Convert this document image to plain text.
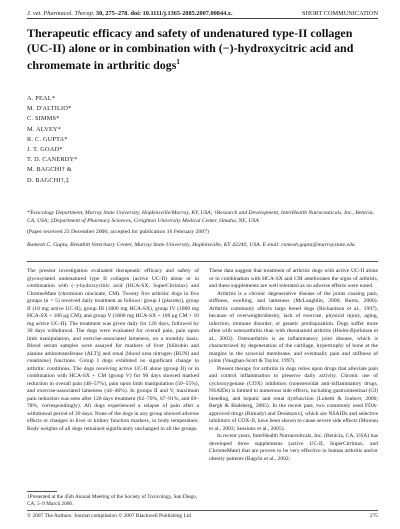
J. vet. Pharmacol. Therap. 30, 275–278. doi: 10.1111/j.1365-2885.2007.00844.x.	SHORT COMMUNICATION
Therapeutic efficacy and safety of undenatured type-II collagen (UC-II) alone or in combination with (−)-hydroxycitric acid and chromemate in arthritic dogs$^1$
A. PEAL*
M. D'ALTILIO*
C. SIMMS*
M. ALVEY*
R. C. GUPTA*
J. T. GOAD*
T. D. CANERDY*
M. BAGCHI† &
D. BAGCHI†,‡

*Toxicology Department, Murray State University, Hopkinsville/Murray, KY, USA; †Research and Development, InterHealth Nutraceuticals, Inc., Benicia, CA, USA; ‡Department of Pharmacy Sciences, Creighton University Medical Center, Omaha, NE, USA

(Paper received 23 December 2006; accepted for publication 16 February 2007)

Ramesh C. Gupta, Breathitt Veterinary Center, Murray State University, Hopkinsville, KY 42240, USA. E-mail: ramesh.gupta@murraystate.edu

The present investigation evaluated therapeutic efficacy and safety of glycosylated undenatured type II collagen (active UC-II) alone or in combination with (−)-hydroxycitric acid (HCA-SX, SuperCitrimax) and ChromeMate (chromium niacinate, CM). Twenty five arthritic dogs in five groups (n = 5) received daily treatment as follows: group I (placebo), group II (10 mg active UC-II), group III (1800 mg HCA-SX), group IV (1800 mg HCA-SX + 100 μg CM), and group V (1800 mg HCA-SX + 100 μg CM + 10 mg active UC-II). The treatment was given daily for 120 days, followed by 30 days withdrawal. The dogs were evaluated for overall pain, pain upon limb manipulation, and exercise-associated lameness, on a monthly basis. Blood serum samples were assayed for markers of liver [bilirubin and alanine aminotransferase (ALT)] and renal [blood urea nitrogen (BUN) and creatinine] functions. Group I dogs exhibited no significant change in arthritic conditions. The dogs receiving active UC-II alone (group II) or in combination with HCA-SX + CM (group V) for 90 days showed marked reduction in overall pain (48–57%), pain upon limb manipulation (50–55%), and exercise-associated lameness (44–46%). In groups II and V, maximum pain reduction was seen after 120 days treatment (62–70%, 67–91%, and 69–78%, correspondingly). All dogs experienced a relapse of pain after a withdrawal period of 30 days. None of the dogs in any group showed adverse effects or changes in liver or kidney function markers, or body temperature. Body weights of all dogs remained significantly unchanged in all the groups.

These data suggest that treatment of arthritic dogs with active UC-II alone or in combination with HCA-SX and CM ameliorates the signs of arthritis, and these supplements are well tolerated as no adverse effects were noted.

Arthritis is a chronic degenerative disease of the joints causing pain, stiffness, swelling, and lameness (McLaughlin, 2000; Burns, 2006). Arthritis commonly affects large breed dogs (Richardson et al., 1997), because of overweight/obesity, lack of exercise, physical injury, aging, infection, immune disorder, or genetic predisposition. Dogs suffer more often with osteoarthritis than with rheumatoid arthritis (Hielm-Bjorkman et al., 2003). Osteoarthritis is an inflammatory joint disease, which is characterized by degeneration of the cartilage, hypertrophy of bone at the margins in the synovial membrane, and eventually pain and stiffness of joints (Vaughan-Scott & Taylor, 1997).

Present therapy for arthritis in dogs relies upon drugs that alleviate pain and control inflammation to preserve daily activity. Chronic use of cyclooxygenase (COX) inhibitors (nonsteroidal anti-inflammatory drugs, NSAIDs) is limited to numerous side effects, including gastrointestinal (GI) bleeding, and hepatic and renal dysfunction (Lobetti & Joubert, 2000; Bergh & Budsberg, 2005). In the recent past, two commonly used FDA-approved drugs (Rimadyl and Deramaxx), which are NSAIDs and selective inhibitors of COX-II, have been shown to cause severe side effects (Moreau et al., 2003; Sessions et al., 2005).

In recent years, InterHealth Nutraceuticals, Inc. (Benicia, CA, USA) has developed three supplements (active UC-II, SuperCitrimax, and ChromeMate) that are proven to be very effective in human arthritis and/or obesity patients (Bagchi et al., 2002;

1Presented at the 45th Annual Meeting of the Society of Toxicology, San Diego, CA, 5–9 March 2006.

© 2007 The Authors. Journal compilation © 2007 Blackwell Publishing Ltd	275
